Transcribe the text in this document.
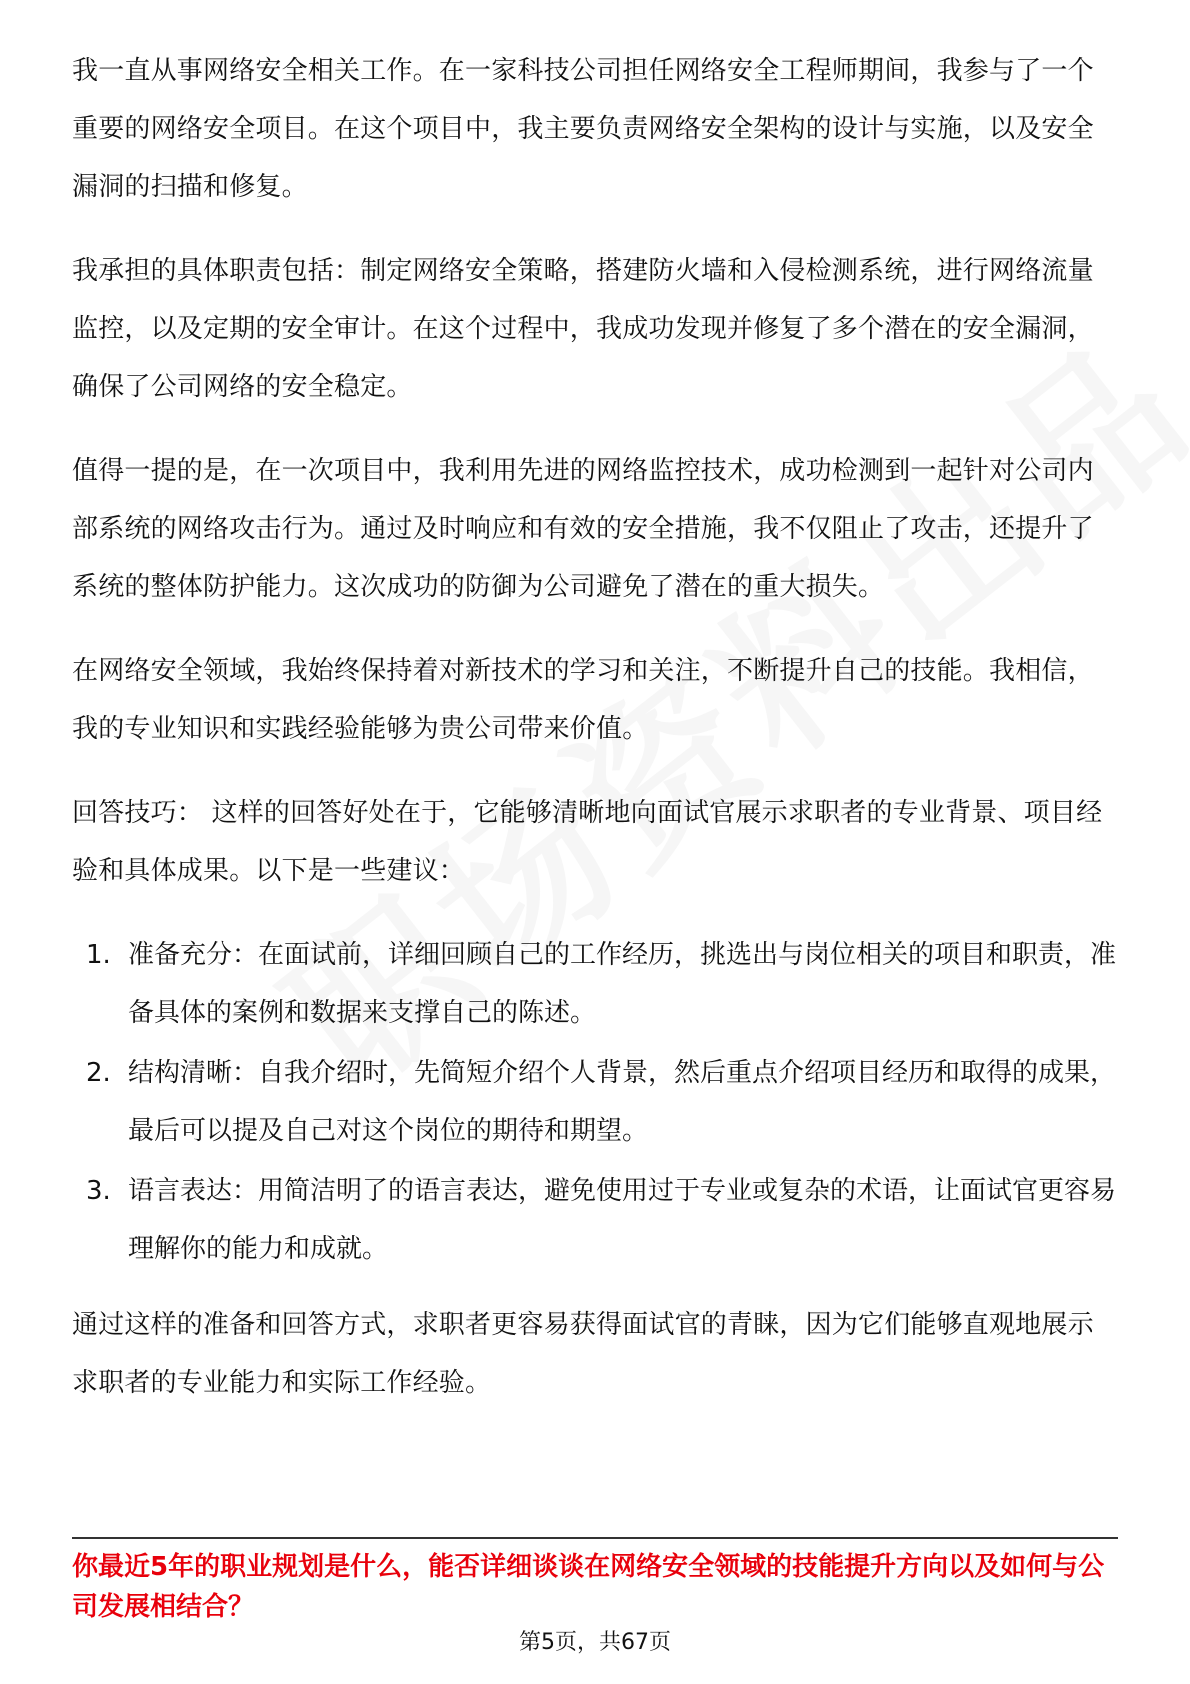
我一直从事网络安全相关工作。在一家科技公司担任网络安全工程师期间，我参与了一个重要的网络安全项目。在这个项目中，我主要负责网络安全架构的设计与实施，以及安全漏洞的扫描和修复。

我承担的具体职责包括：制定网络安全策略，搭建防火墙和入侵检测系统，进行网络流量监控，以及定期的安全审计。在这个过程中，我成功发现并修复了多个潜在的安全漏洞，确保了公司网络的安全稳定。

值得一提的是，在一次项目中，我利用先进的网络监控技术，成功检测到一起针对公司内部系统的网络攻击行为。通过及时响应和有效的安全措施，我不仅阻止了攻击，还提升了系统的整体防护能力。这次成功的防御为公司避免了潜在的重大损失。

在网络安全领域，我始终保持着对新技术的学习和关注，不断提升自己的技能。我相信，我的专业知识和实践经验能够为贵公司带来价值。

回答技巧： 这样的回答好处在于，它能够清晰地向面试官展示求职者的专业背景、项目经验和具体成果。以下是一些建议：

1. 准备充分：在面试前，详细回顾自己的工作经历，挑选出与岗位相关的项目和职责，准备具体的案例和数据来支撑自己的陈述。
2. 结构清晰：自我介绍时，先简短介绍个人背景，然后重点介绍项目经历和取得的成果，最后可以提及自己对这个岗位的期待和期望。
3. 语言表达：用简洁明了的语言表达，避免使用过于专业或复杂的术语，让面试官更容易理解你的能力和成就。

通过这样的准备和回答方式，求职者更容易获得面试官的青睐，因为它们能够直观地展示求职者的专业能力和实际工作经验。

你最近5年的职业规划是什么，能否详细谈谈在网络安全领域的技能提升方向以及如何与公司发展相结合？
第5页，共67页
